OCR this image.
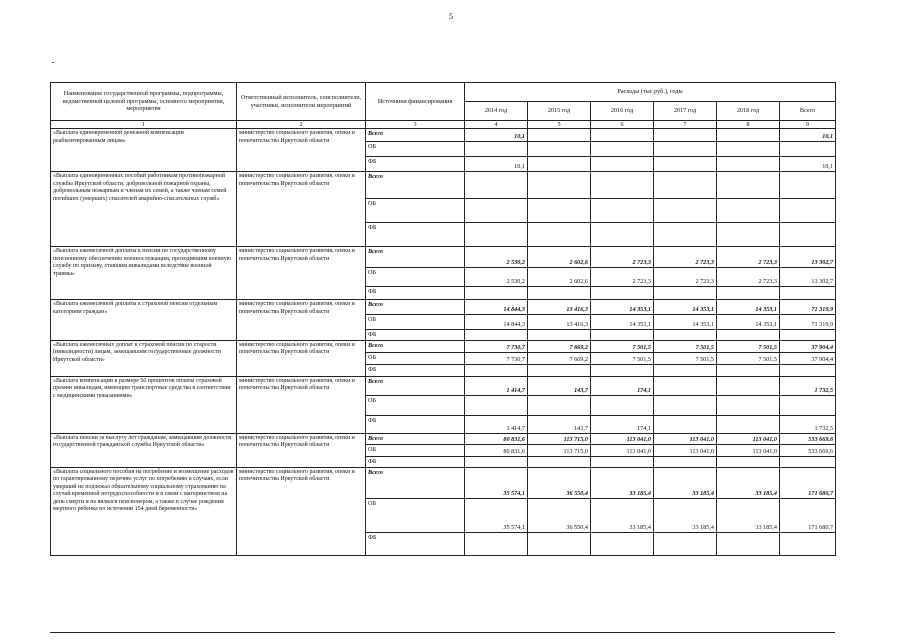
5
Наименование государственной программы, подпрограммы, ведомственной целевой программы, основного мероприятия, мероприятия	Ответственный исполнитель, соисполнители, участники, исполнители мероприятий	Источники финансирования	Расходы (тыс.руб.), годы					
			2014 год	2015 год	2016 год	2017 год	2018 год	Всего
1	2	3	4	5	6	7	8	9
«Выплата единовременной денежной компенсации реабилитированным лицам»	министерство социального развития, опеки и попечительства Иркутской области	Всего	10,1					10,1
		ОБ						
		ФБ	10,1					10,1
«Выплата единовременных пособий работникам противопожарной службы Иркутской области, добровольной пожарной охраны, добровольным пожарным и членам их семей, а также членам семей погибших (умерших) спасателей аварийно-спасательных служб»	министерство социального развития, опеки и попечительства Иркутской области	Всего						
		ОБ						
		ФБ						
«Выплата ежемесячной доплаты к пенсии по государственному пенсионному обеспечению военнослужащим, проходившим военную службу по призыву, ставшим инвалидами вследствие военной травмы»	министерство социального развития, опеки и попечительства Иркутской области	Всего	2 530,2	2 602,6	2 723,3	2 723,3	2 723,3	13 302,7
		ОБ	2 530,2	2 602,6	2 723,3	2 723,3	2 723,3	13 302,7
		ФБ						
«Выплата ежемесячной доплаты к страховой пенсии отдельным категориям граждан»	министерство социального развития, опеки и попечительства Иркутской области	Всего	14 844,3	13 416,3	14 353,1	14 353,1	14 353,1	71 319,9
		ОБ	14 844,3	13 416,3	14 353,1	14 353,1	14 353,1	71 319,9
		ФБ						
«Выплата ежемесячных доплат к страховой пенсии по старости (инвалидности) лицам, замещавшим государственные должности Иркутской области»	министерство социального развития, опеки и попечительства Иркутской области	Всего	7 730,7	7 669,2	7 501,5	7 501,5	7 501,5	37 904,4
		ОБ	7 730,7	7 669,2	7 501,5	7 501,5	7 501,5	37 904,4
		ФБ						
«Выплата компенсации в размере 50 процентов оплаты страховой премии инвалидам, имеющим транспортные средства в соответствии с медицинскими показаниями»	министерство социального развития, опеки и попечительства Иркутской области	Всего	1 414,7	143,7	174,1			1 732,5
		ОБ						
		ФБ	1 414,7	143,7	174,1			1 732,5
«Выплата пенсии за выслугу лет гражданам, замещавшим должности государственной гражданской службы Иркутской области»	министерство социального развития, опеки и попечительства Иркутской области	Всего	80 831,6	113 715,0	113 041,0	113 041,0	113 041,0	533 669,6
		ОБ	80 831,6	113 715,0	113 041,0	113 041,0	113 041,0	533 669,6
		ФБ						
«Выплата социального пособия на погребение и возмещение расходов по гарантированному перечню услуг по погребению в случаях, если умерший не подлежал обязательному социальному страхованию на случай временной нетрудоспособности и в связи с материнством на день смерти и не являлся пенсионером, а также в случае рождения мертвого ребенка по истечении 154 дней беременности»	министерство социального развития, опеки и попечительства Иркутской области	Всего	35 574,1	36 550,4	33 185,4	33 185,4	33 185,4	171 680,7
		ОБ	35 574,1	36 550,4	33 185,4	33 185,4	33 185,4	171 680,7
		ФБ						
